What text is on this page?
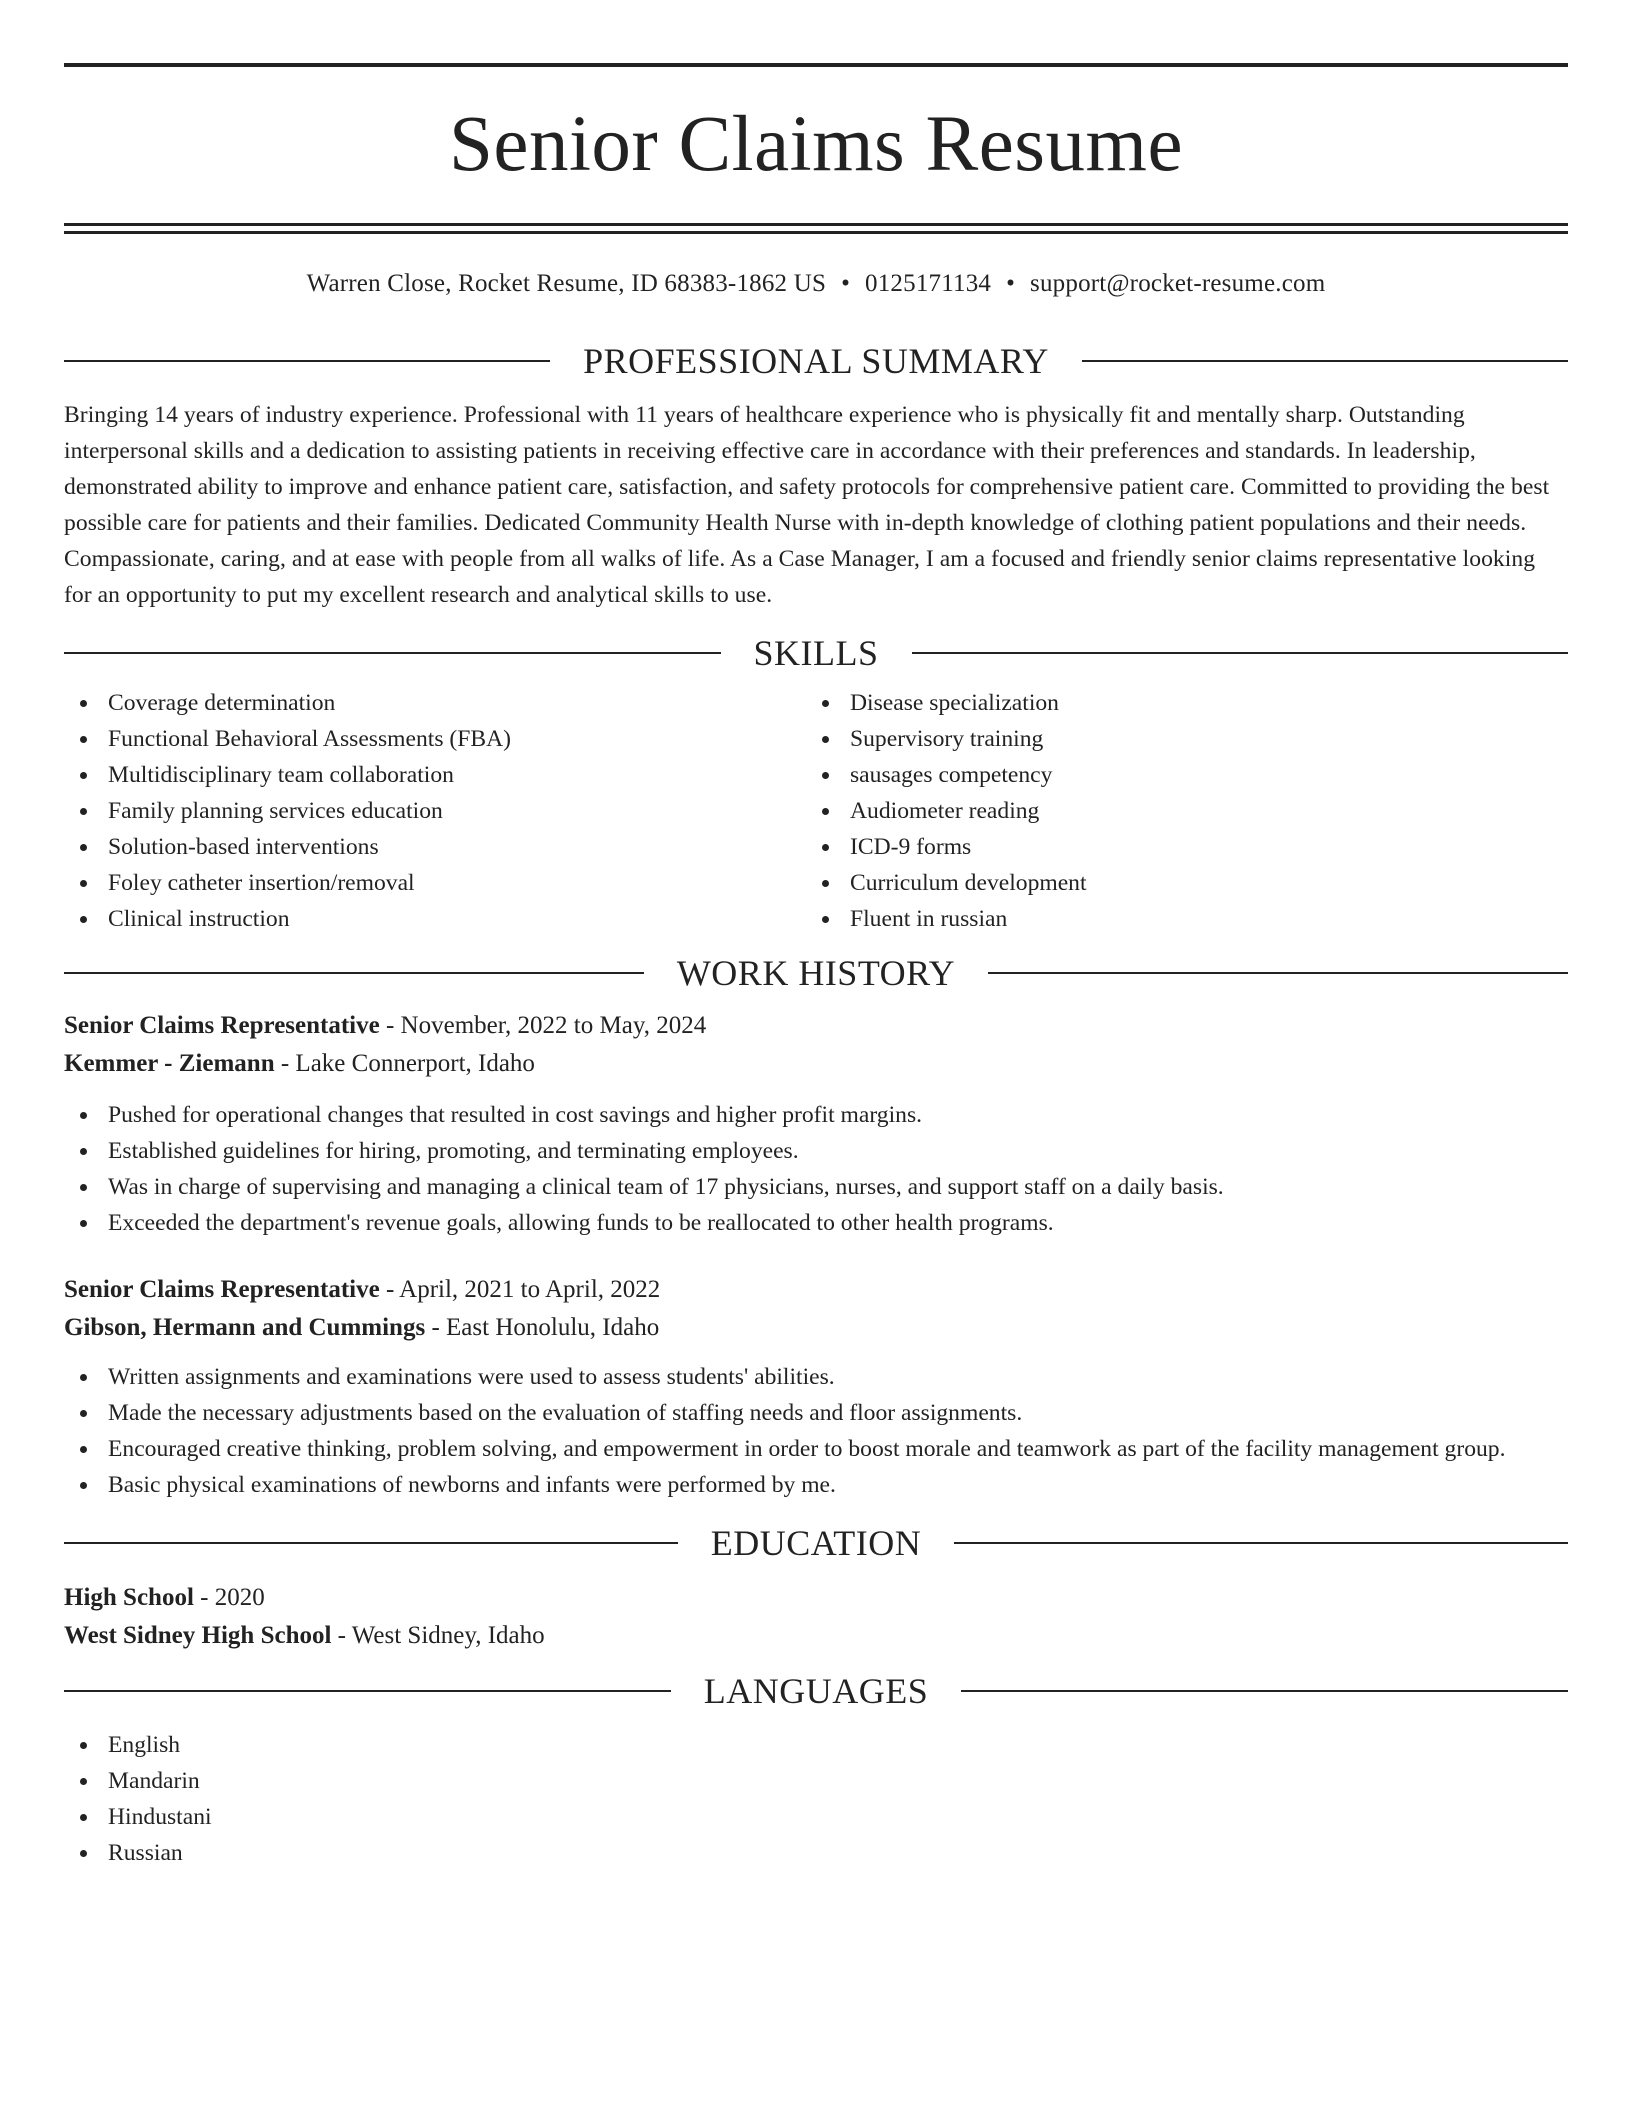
Senior Claims Resume
Warren Close, Rocket Resume, ID 68383-1862 US • 0125171134 • support@rocket-resume.com
PROFESSIONAL SUMMARY

Bringing 14 years of industry experience. Professional with 11 years of healthcare experience who is physically fit and mentally sharp. Outstanding interpersonal skills and a dedication to assisting patients in receiving effective care in accordance with their preferences and standards. In leadership, demonstrated ability to improve and enhance patient care, satisfaction, and safety protocols for comprehensive patient care. Committed to providing the best possible care for patients and their families. Dedicated Community Health Nurse with in-depth knowledge of clothing patient populations and their needs. Compassionate, caring, and at ease with people from all walks of life. As a Case Manager, I am a focused and friendly senior claims representative looking for an opportunity to put my excellent research and analytical skills to use.

SKILLS
Coverage determination
Functional Behavioral Assessments (FBA)
Multidisciplinary team collaboration
Family planning services education
Solution-based interventions
Foley catheter insertion/removal
Clinical instruction
Disease specialization
Supervisory training
sausages competency
Audiometer reading
ICD-9 forms
Curriculum development
Fluent in russian
WORK HISTORY
Senior Claims Representative - November, 2022 to May, 2024
Kemmer - Ziemann - Lake Connerport, Idaho
Pushed for operational changes that resulted in cost savings and higher profit margins.
Established guidelines for hiring, promoting, and terminating employees.
Was in charge of supervising and managing a clinical team of 17 physicians, nurses, and support staff on a daily basis.
Exceeded the department's revenue goals, allowing funds to be reallocated to other health programs.
Senior Claims Representative - April, 2021 to April, 2022
Gibson, Hermann and Cummings - East Honolulu, Idaho
Written assignments and examinations were used to assess students' abilities.
Made the necessary adjustments based on the evaluation of staffing needs and floor assignments.
Encouraged creative thinking, problem solving, and empowerment in order to boost morale and teamwork as part of the facility management group.
Basic physical examinations of newborns and infants were performed by me.
EDUCATION
High School - 2020
West Sidney High School - West Sidney, Idaho
LANGUAGES
English
Mandarin
Hindustani
Russian
